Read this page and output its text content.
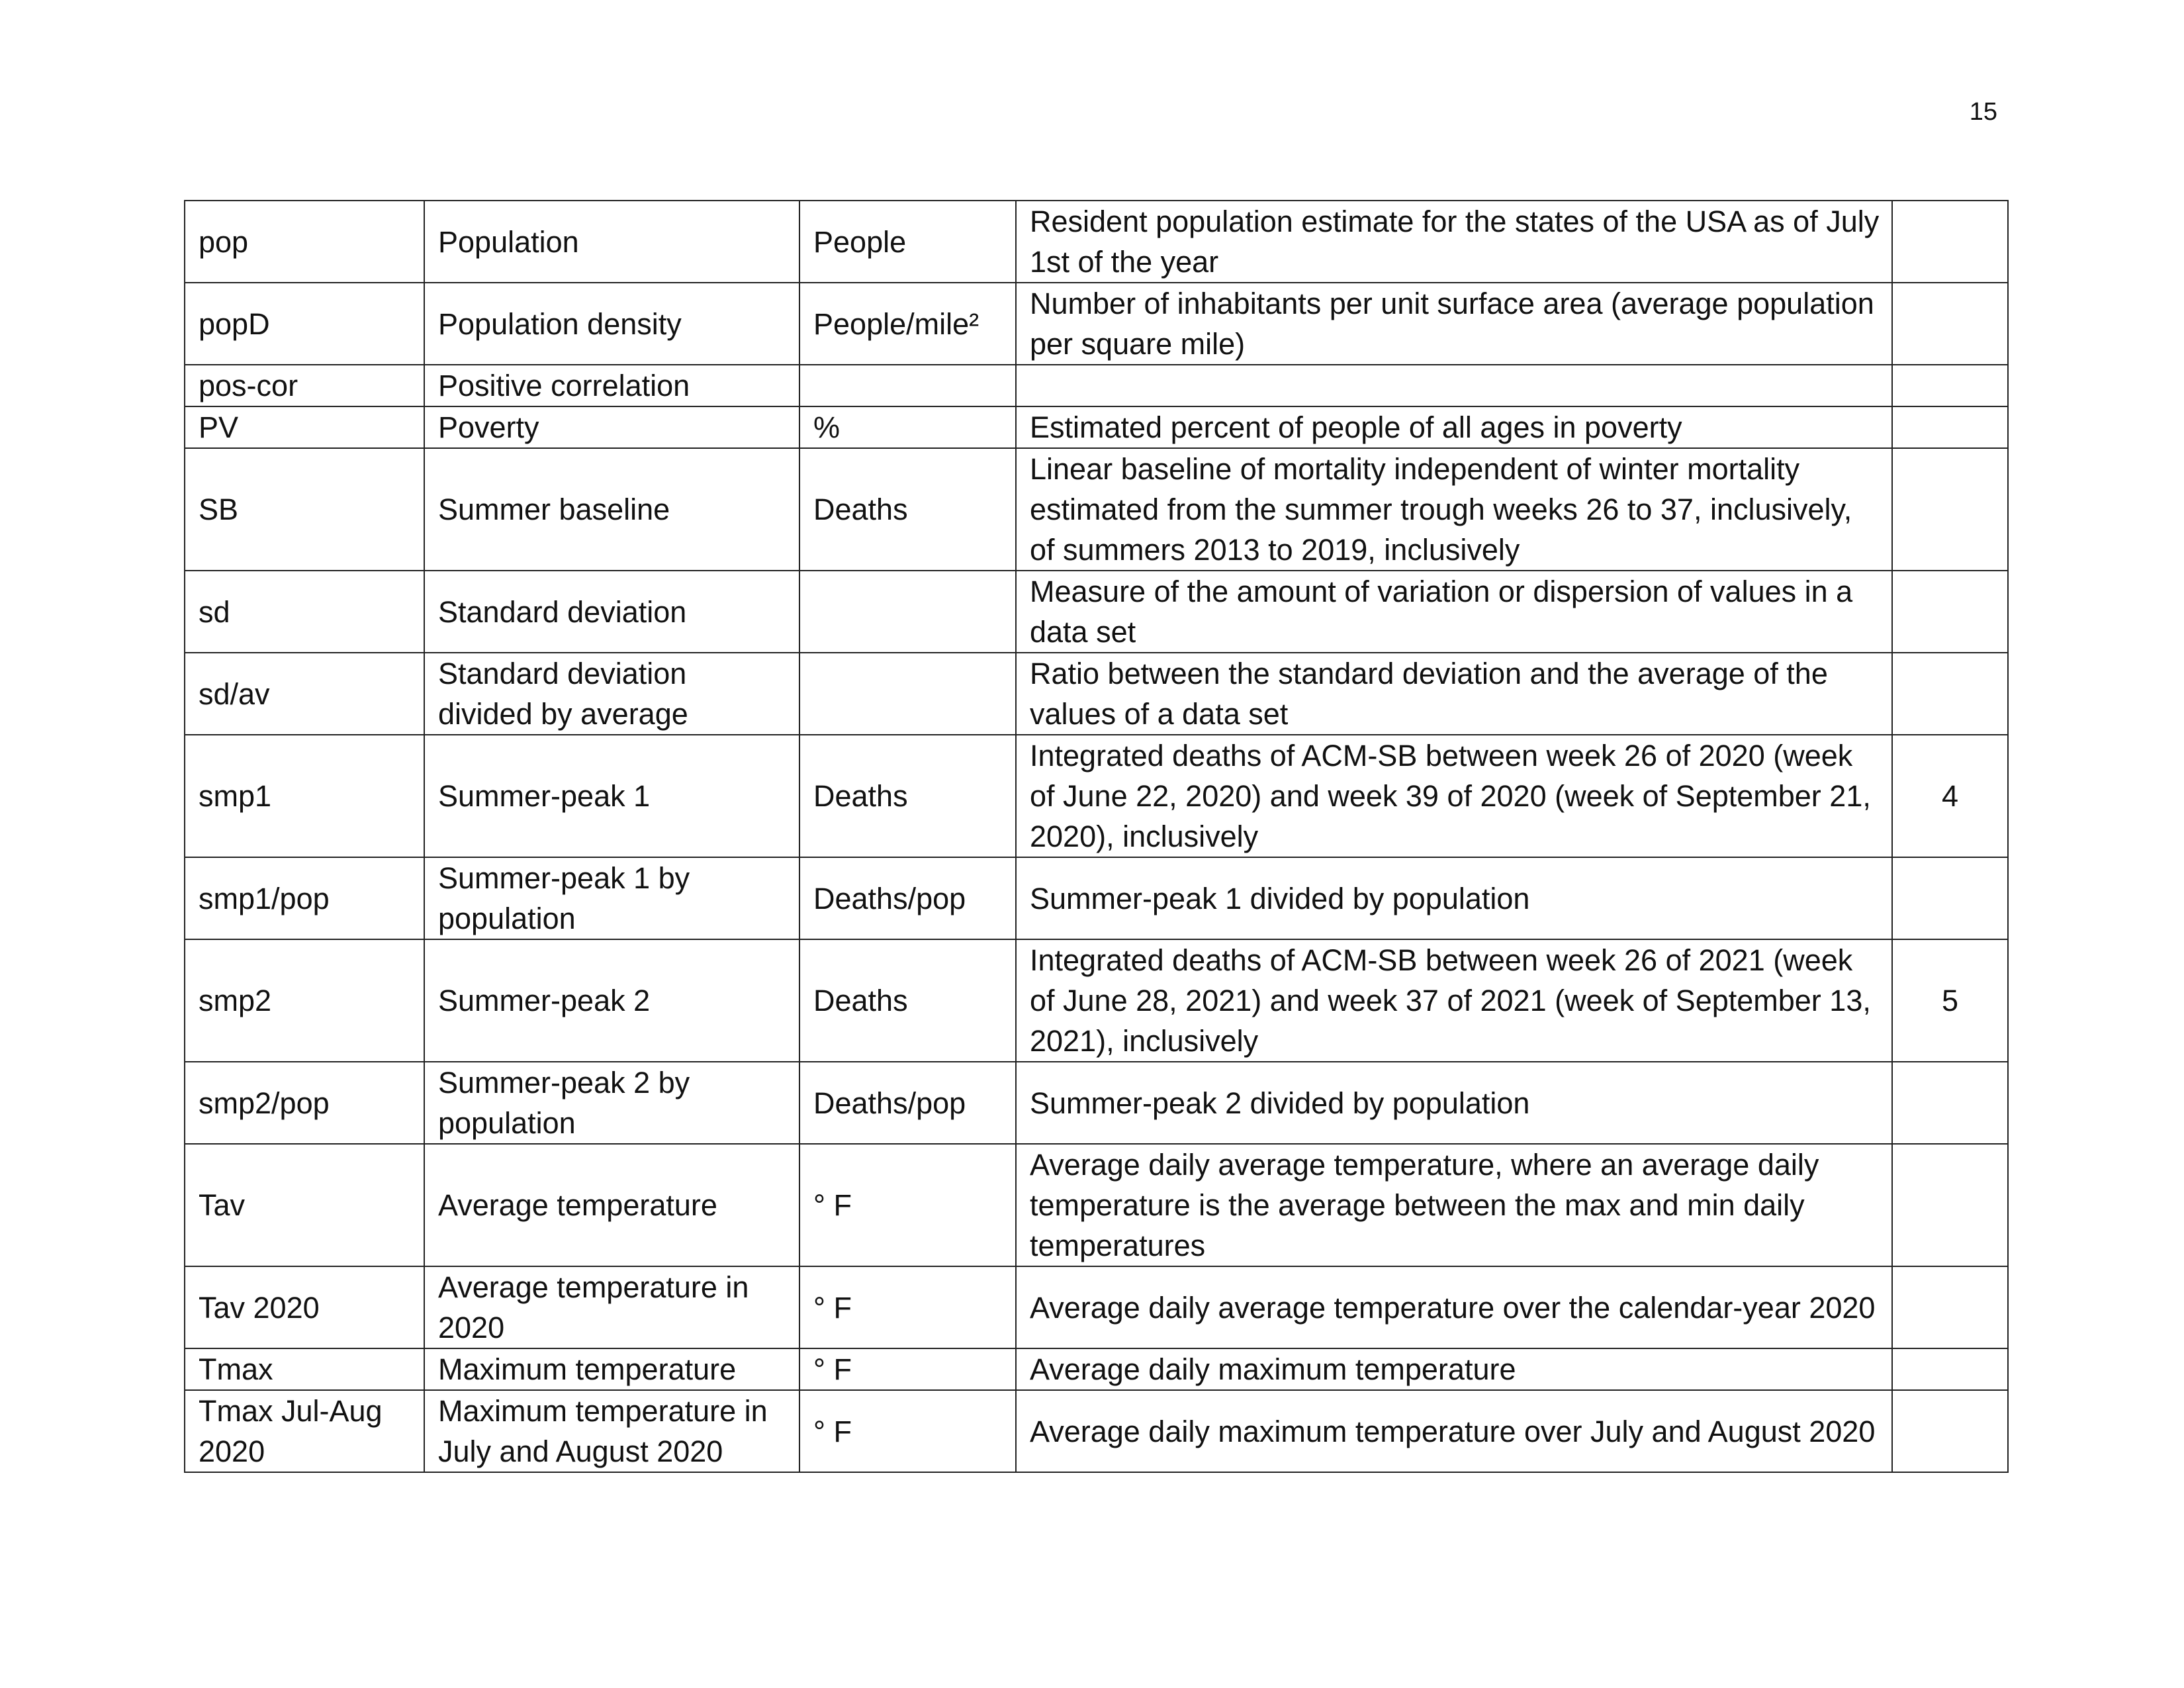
15
pop	Population	People	Resident population estimate for the states of the USA as of July 1st of the year	
popD	Population density	People/mile²	Number of inhabitants per unit surface area (average population per square mile)	
pos-cor	Positive correlation			
PV	Poverty	%	Estimated percent of people of all ages in poverty	
SB	Summer baseline	Deaths	Linear baseline of mortality independent of winter mortality estimated from the summer trough weeks 26 to 37, inclusively, of summers 2013 to 2019, inclusively	
sd	Standard deviation		Measure of the amount of variation or dispersion of values in a data set	
sd/av	Standard deviation divided by average		Ratio between the standard deviation and the average of the values of a data set	
smp1	Summer-peak 1	Deaths	Integrated deaths of ACM-SB between week 26 of 2020 (week of June 22, 2020) and week 39 of 2020 (week of September 21, 2020), inclusively	4
smp1/pop	Summer-peak 1 by population	Deaths/pop	Summer-peak 1 divided by population	
smp2	Summer-peak 2	Deaths	Integrated deaths of ACM-SB between week 26 of 2021 (week of June 28, 2021) and week 37 of 2021 (week of September 13, 2021), inclusively	5
smp2/pop	Summer-peak 2 by population	Deaths/pop	Summer-peak 2 divided by population	
Tav	Average temperature	° F	Average daily average temperature, where an average daily temperature is the average between the max and min daily temperatures	
Tav 2020	Average temperature in 2020	° F	Average daily average temperature over the calendar-year 2020	
Tmax	Maximum temperature	° F	Average daily maximum temperature	
Tmax Jul-Aug 2020	Maximum temperature in July and August 2020	° F	Average daily maximum temperature over July and August 2020	
